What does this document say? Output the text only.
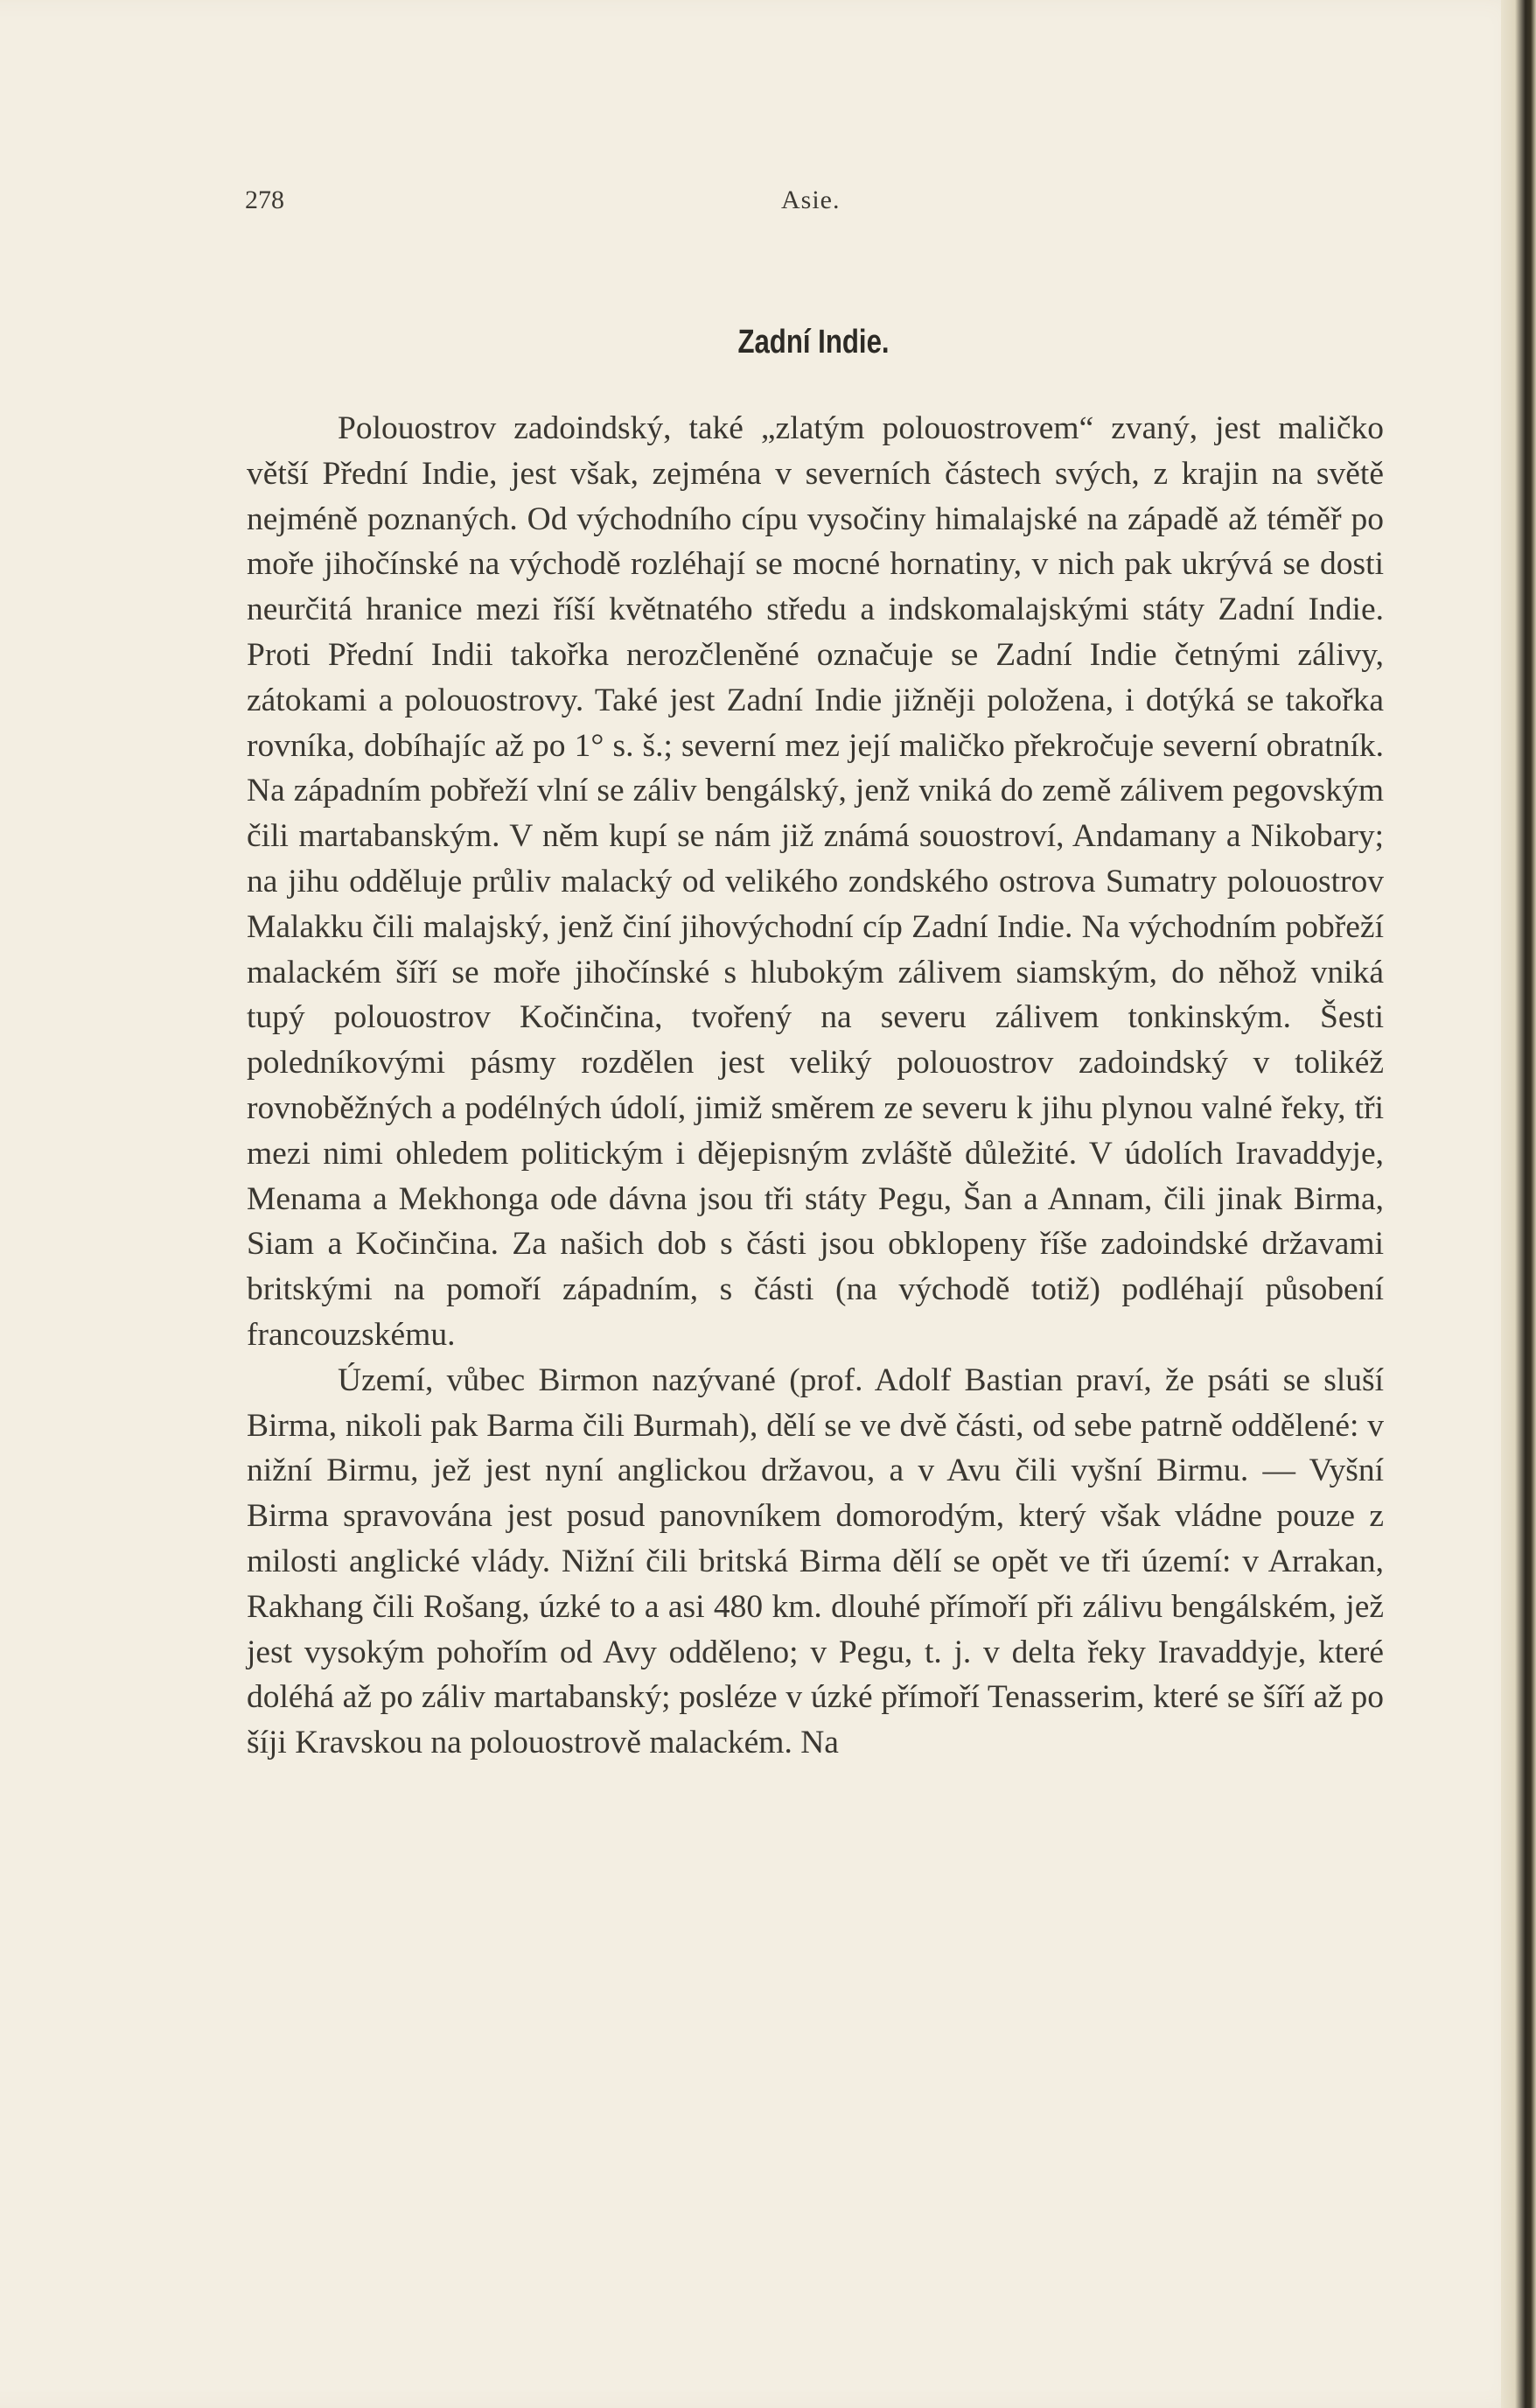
278	Asie.
Zadní Indie.

Polouostrov zadoindský, také „zlatým polouostrovem“ zvaný, jest maličko větší Přední Indie, jest však, zejména v severních částech svých, z krajin na světě nejméně poznaných. Od východního cípu vysočiny himalajské na západě až téměř po moře jihočínské na východě rozléhají se mocné hornatiny, v nich pak ukrývá se dosti neurčitá hranice mezi říší květnatého středu a indskomalajskými státy Zadní Indie. Proti Přední Indii takořka nerozčleněné označuje se Zadní Indie četnými zálivy, zátokami a polouostrovy. Také jest Zadní Indie jižněji položena, i dotýká se takořka rovníka, dobíhajíc až po 1° s. š.; severní mez její maličko překročuje severní obratník. Na západním pobřeží vlní se záliv bengálský, jenž vniká do země zálivem pegovským čili martabanským. V něm kupí se nám již známá souostroví, Andamany a Nikobary; na jihu odděluje průliv malacký od velikého zondského ostrova Sumatry polouostrov Malakku čili malajský, jenž činí jihovýchodní cíp Zadní Indie. Na východním pobřeží malackém šíří se moře jihočínské s hlubokým zálivem siamským, do něhož vniká tupý polouostrov Kočinčina, tvořený na severu zálivem tonkinským. Šesti poledníkovými pásmy rozdělen jest veliký polouostrov zadoindský v tolikéž rovnoběžných a podélných údolí, jimiž směrem ze severu k jihu plynou valné řeky, tři mezi nimi ohledem politickým i dějepisným zvláště důležité. V údolích Iravaddyje, Menama a Mekhonga ode dávna jsou tři státy Pegu, Šan a Annam, čili jinak Birma, Siam a Kočinčina. Za našich dob s části jsou obklopeny říše zadoindské državami britskými na pomoří západním, s části (na východě totiž) podléhají působení francouzskému.

Území, vůbec Birmon nazývané (prof. Adolf Bastian praví, že psáti se sluší Birma, nikoli pak Barma čili Burmah), dělí se ve dvě části, od sebe patrně oddělené: v nižní Birmu, jež jest nyní anglickou državou, a v Avu čili vyšní Birmu. — Vyšní Birma spravována jest posud panovníkem domorodým, který však vládne pouze z milosti anglické vlády. Nižní čili britská Birma dělí se opět ve tři území: v Arrakan, Rakhang čili Rošang, úzké to a asi 480 km. dlouhé přímoří při zálivu bengálském, jež jest vysokým pohořím od Avy odděleno; v Pegu, t. j. v delta řeky Iravaddyje, které doléhá až po záliv martabanský; posléze v úzké přímoří Tenasserim, které se šíří až po šíji Kravskou na polouostrově malackém. Na
